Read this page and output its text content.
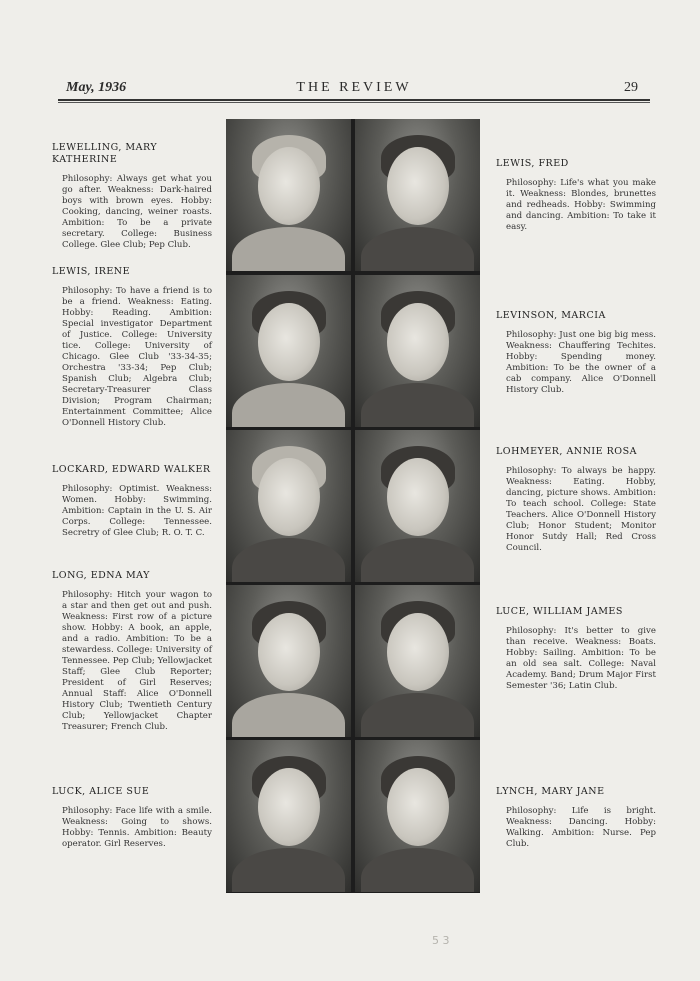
May, 1936	THE REVIEW	29
LEWELLING, MARY KATHERINE
Philosophy: Always get what you go after. Weakness: Dark-haired boys with brown eyes. Hobby: Cooking, dancing, weiner roasts. Ambition: To be a private secretary. College: Business College. Glee Club; Pep Club.
LEWIS, IRENE
Philosophy: To have a friend is to be a friend. Weakness: Eating. Hobby: Reading. Ambition: Special investigator Department of Justice. College: University tice. College: University of Chicago. Glee Club '33-34-35; Orchestra '33-34; Pep Club; Spanish Club; Algebra Club; Secretary-Treasurer Class Division; Program Chairman; Entertainment Committee; Alice O'Donnell History Club.
LOCKARD, EDWARD WALKER
Philosophy: Optimist. Weakness: Women. Hobby: Swimming. Ambition: Captain in the U. S. Air Corps. College: Tennessee. Secretry of Glee Club; R. O. T. C.
LONG, EDNA MAY
Philosophy: Hitch your wagon to a star and then get out and push. Weakness: First row of a picture show. Hobby: A book, an apple, and a radio. Ambition: To be a stewardess. College: University of Tennessee. Pep Club; Yellowjacket Staff; Glee Club Reporter; President of Girl Reserves; Annual Staff: Alice O'Donnell History Club; Twentieth Century Club; Yellowjacket Chapter Treasurer; French Club.
LUCK, ALICE SUE
Philosophy: Face life with a smile. Weakness: Going to shows. Hobby: Tennis. Ambition: Beauty operator. Girl Reserves.
LEWIS, FRED
Philosophy: Life's what you make it. Weakness: Blondes, brunettes and redheads. Hobby: Swimming and dancing. Ambition: To take it easy.
LEVINSON, MARCIA
Philosophy: Just one big big mess. Weakness: Chauffering Techites. Hobby: Spending money. Ambition: To be the owner of a cab company. Alice O'Donnell History Club.
LOHMEYER, ANNIE ROSA
Philosophy: To always be happy. Weakness: Eating. Hobby, dancing, picture shows. Ambition: To teach school. College: State Teachers. Alice O'Donnell History Club; Honor Student; Monitor Honor Sutdy Hall; Red Cross Council.
LUCE, WILLIAM JAMES
Philosophy: It's better to give than receive. Weakness: Boats. Hobby: Sailing. Ambition: To be an old sea salt. College: Naval Academy. Band; Drum Major First Semester '36; Latin Club.
LYNCH, MARY JANE
Philosophy: Life is bright. Weakness: Dancing. Hobby: Walking. Ambition: Nurse. Pep Club.
5 3
